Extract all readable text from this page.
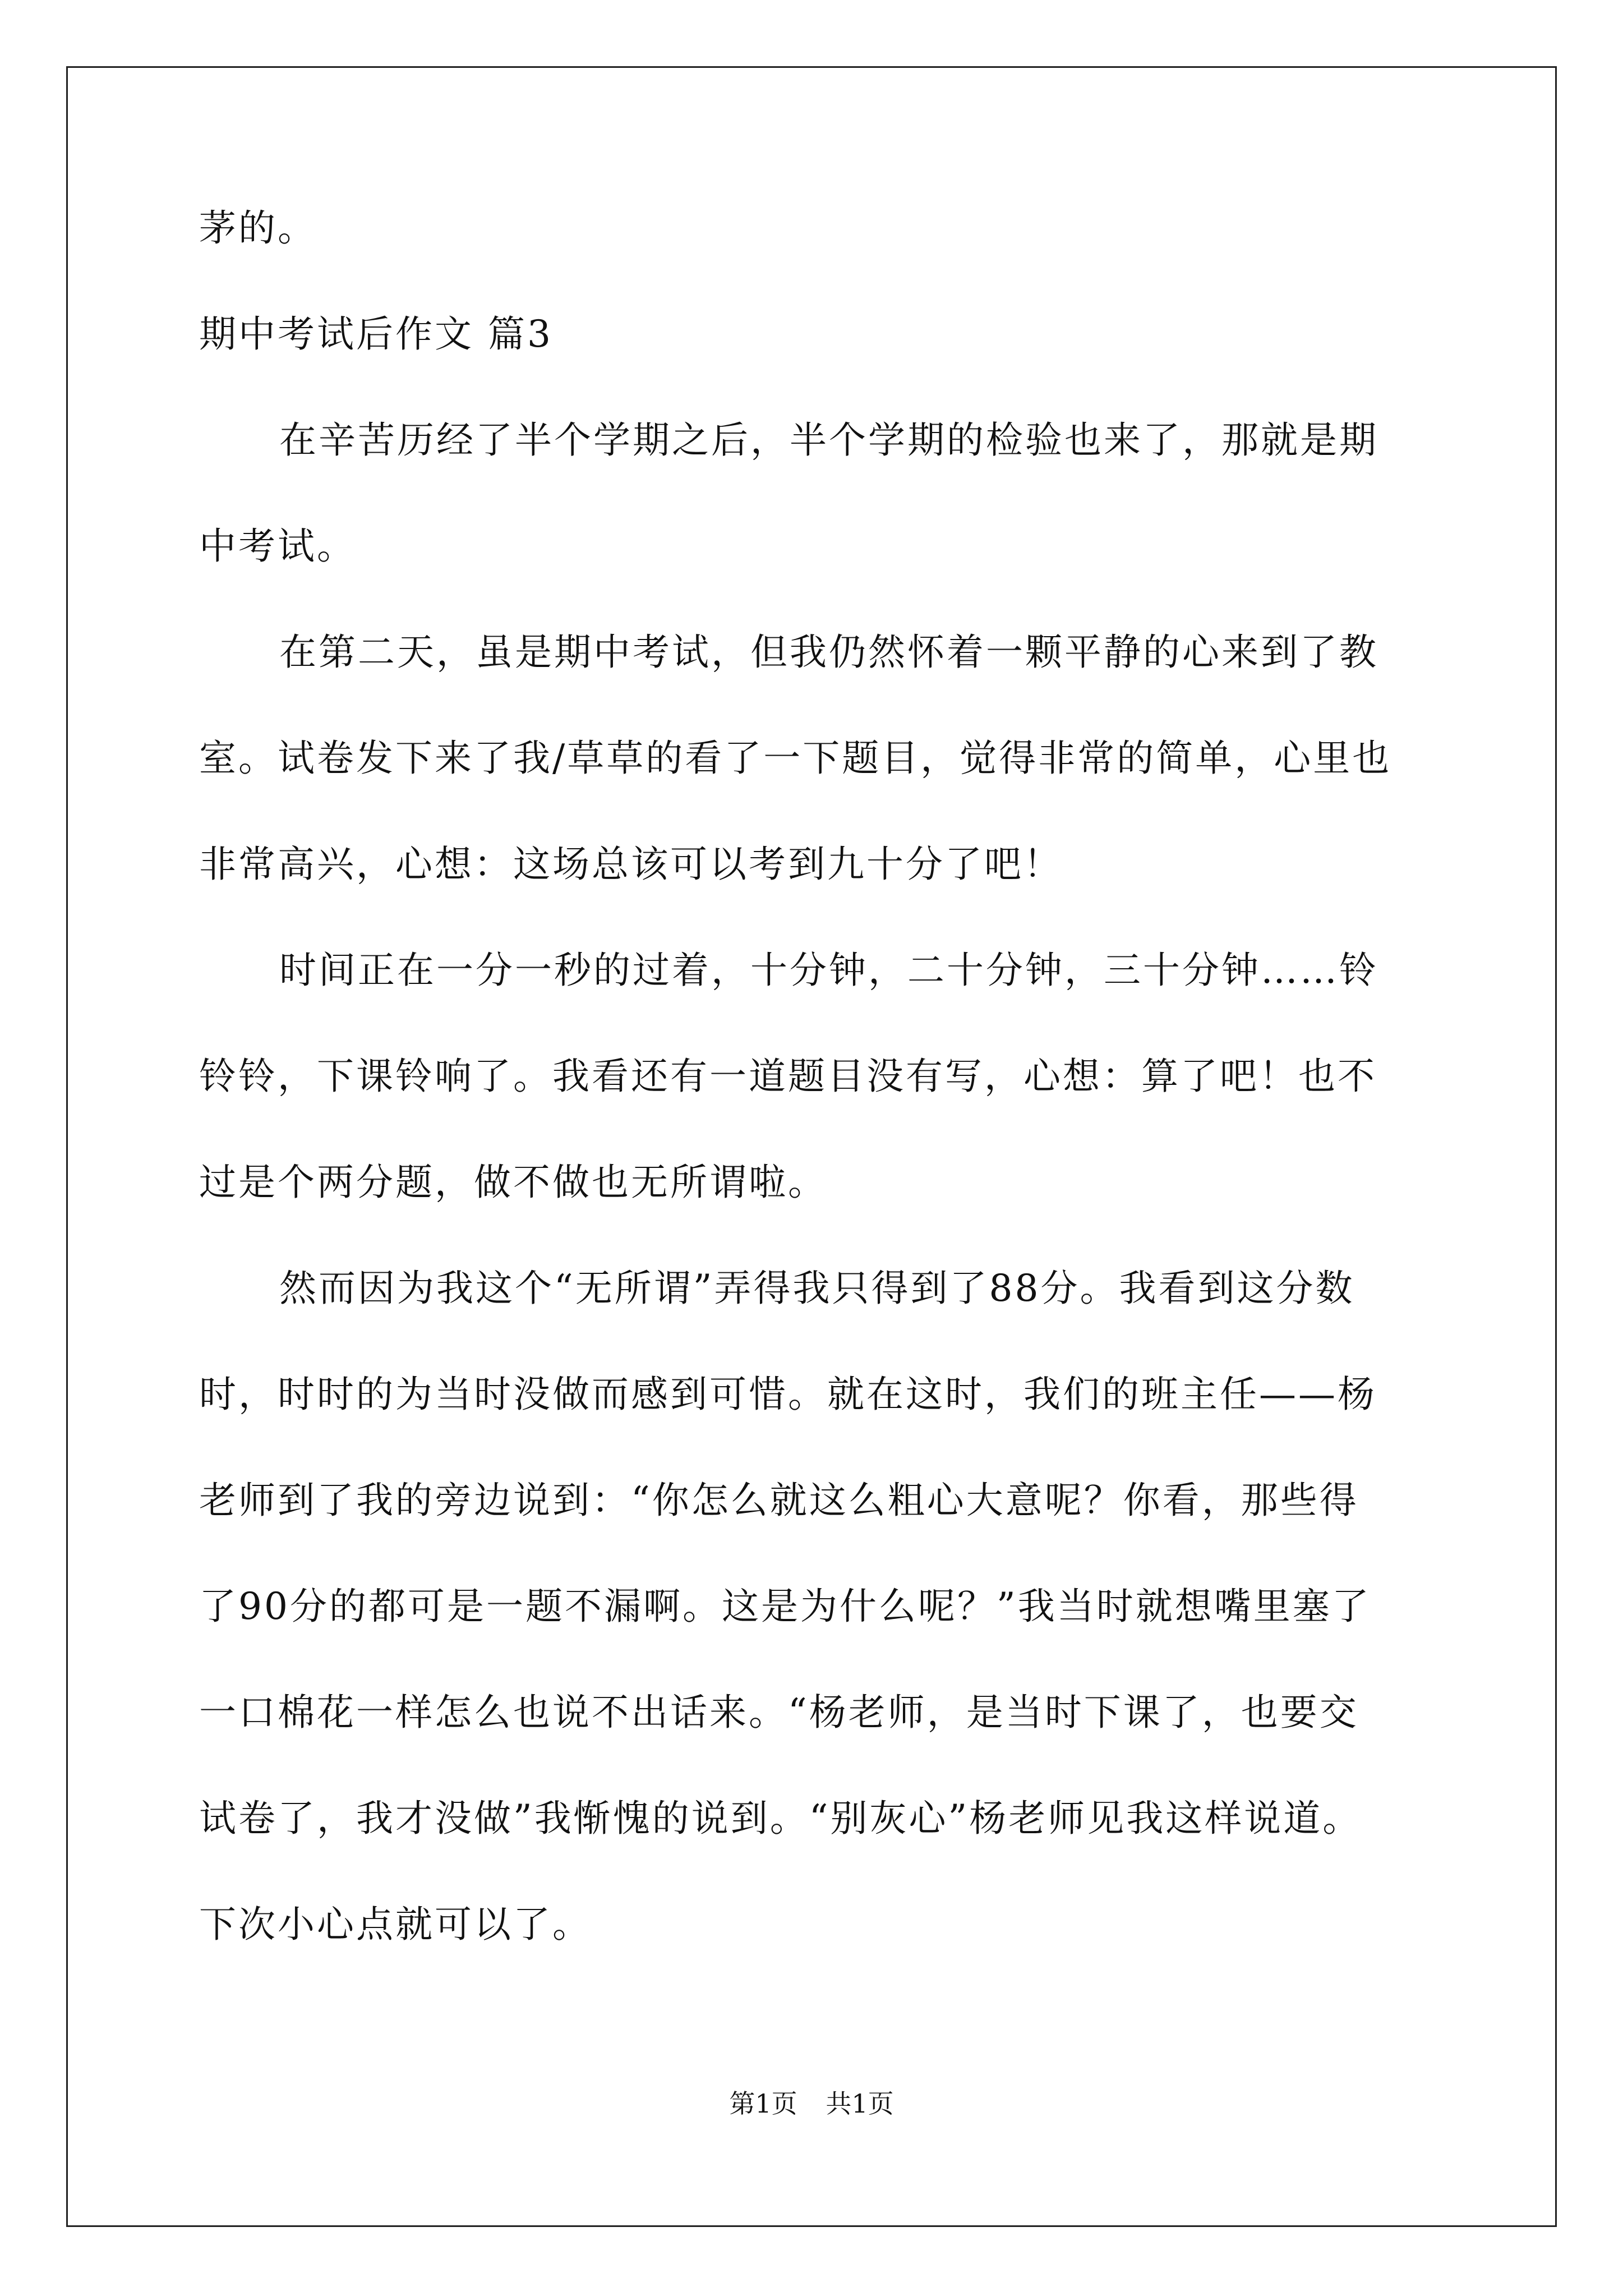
茅的。
期中考试后作文 篇3
在辛苦历经了半个学期之后，半个学期的检验也来了，那就是期
中考试。
在第二天，虽是期中考试，但我仍然怀着一颗平静的心来到了教
室。试卷发下来了我/草草的看了一下题目，觉得非常的简单，心里也
非常高兴，心想：这场总该可以考到九十分了吧！
时间正在一分一秒的过着，十分钟，二十分钟，三十分钟……铃
铃铃，下课铃响了。我看还有一道题目没有写，心想：算了吧！也不
过是个两分题，做不做也无所谓啦。
然而因为我这个“无所谓”弄得我只得到了88分。我看到这分数
时，时时的为当时没做而感到可惜。就在这时，我们的班主任——杨
老师到了我的旁边说到：“你怎么就这么粗心大意呢？你看，那些得
了90分的都可是一题不漏啊。这是为什么呢？”我当时就想嘴里塞了
一口棉花一样怎么也说不出话来。“杨老师，是当时下课了，也要交
试卷了，我才没做”我惭愧的说到。“别灰心”杨老师见我这样说道。
下次小心点就可以了。
第1页 共1页
